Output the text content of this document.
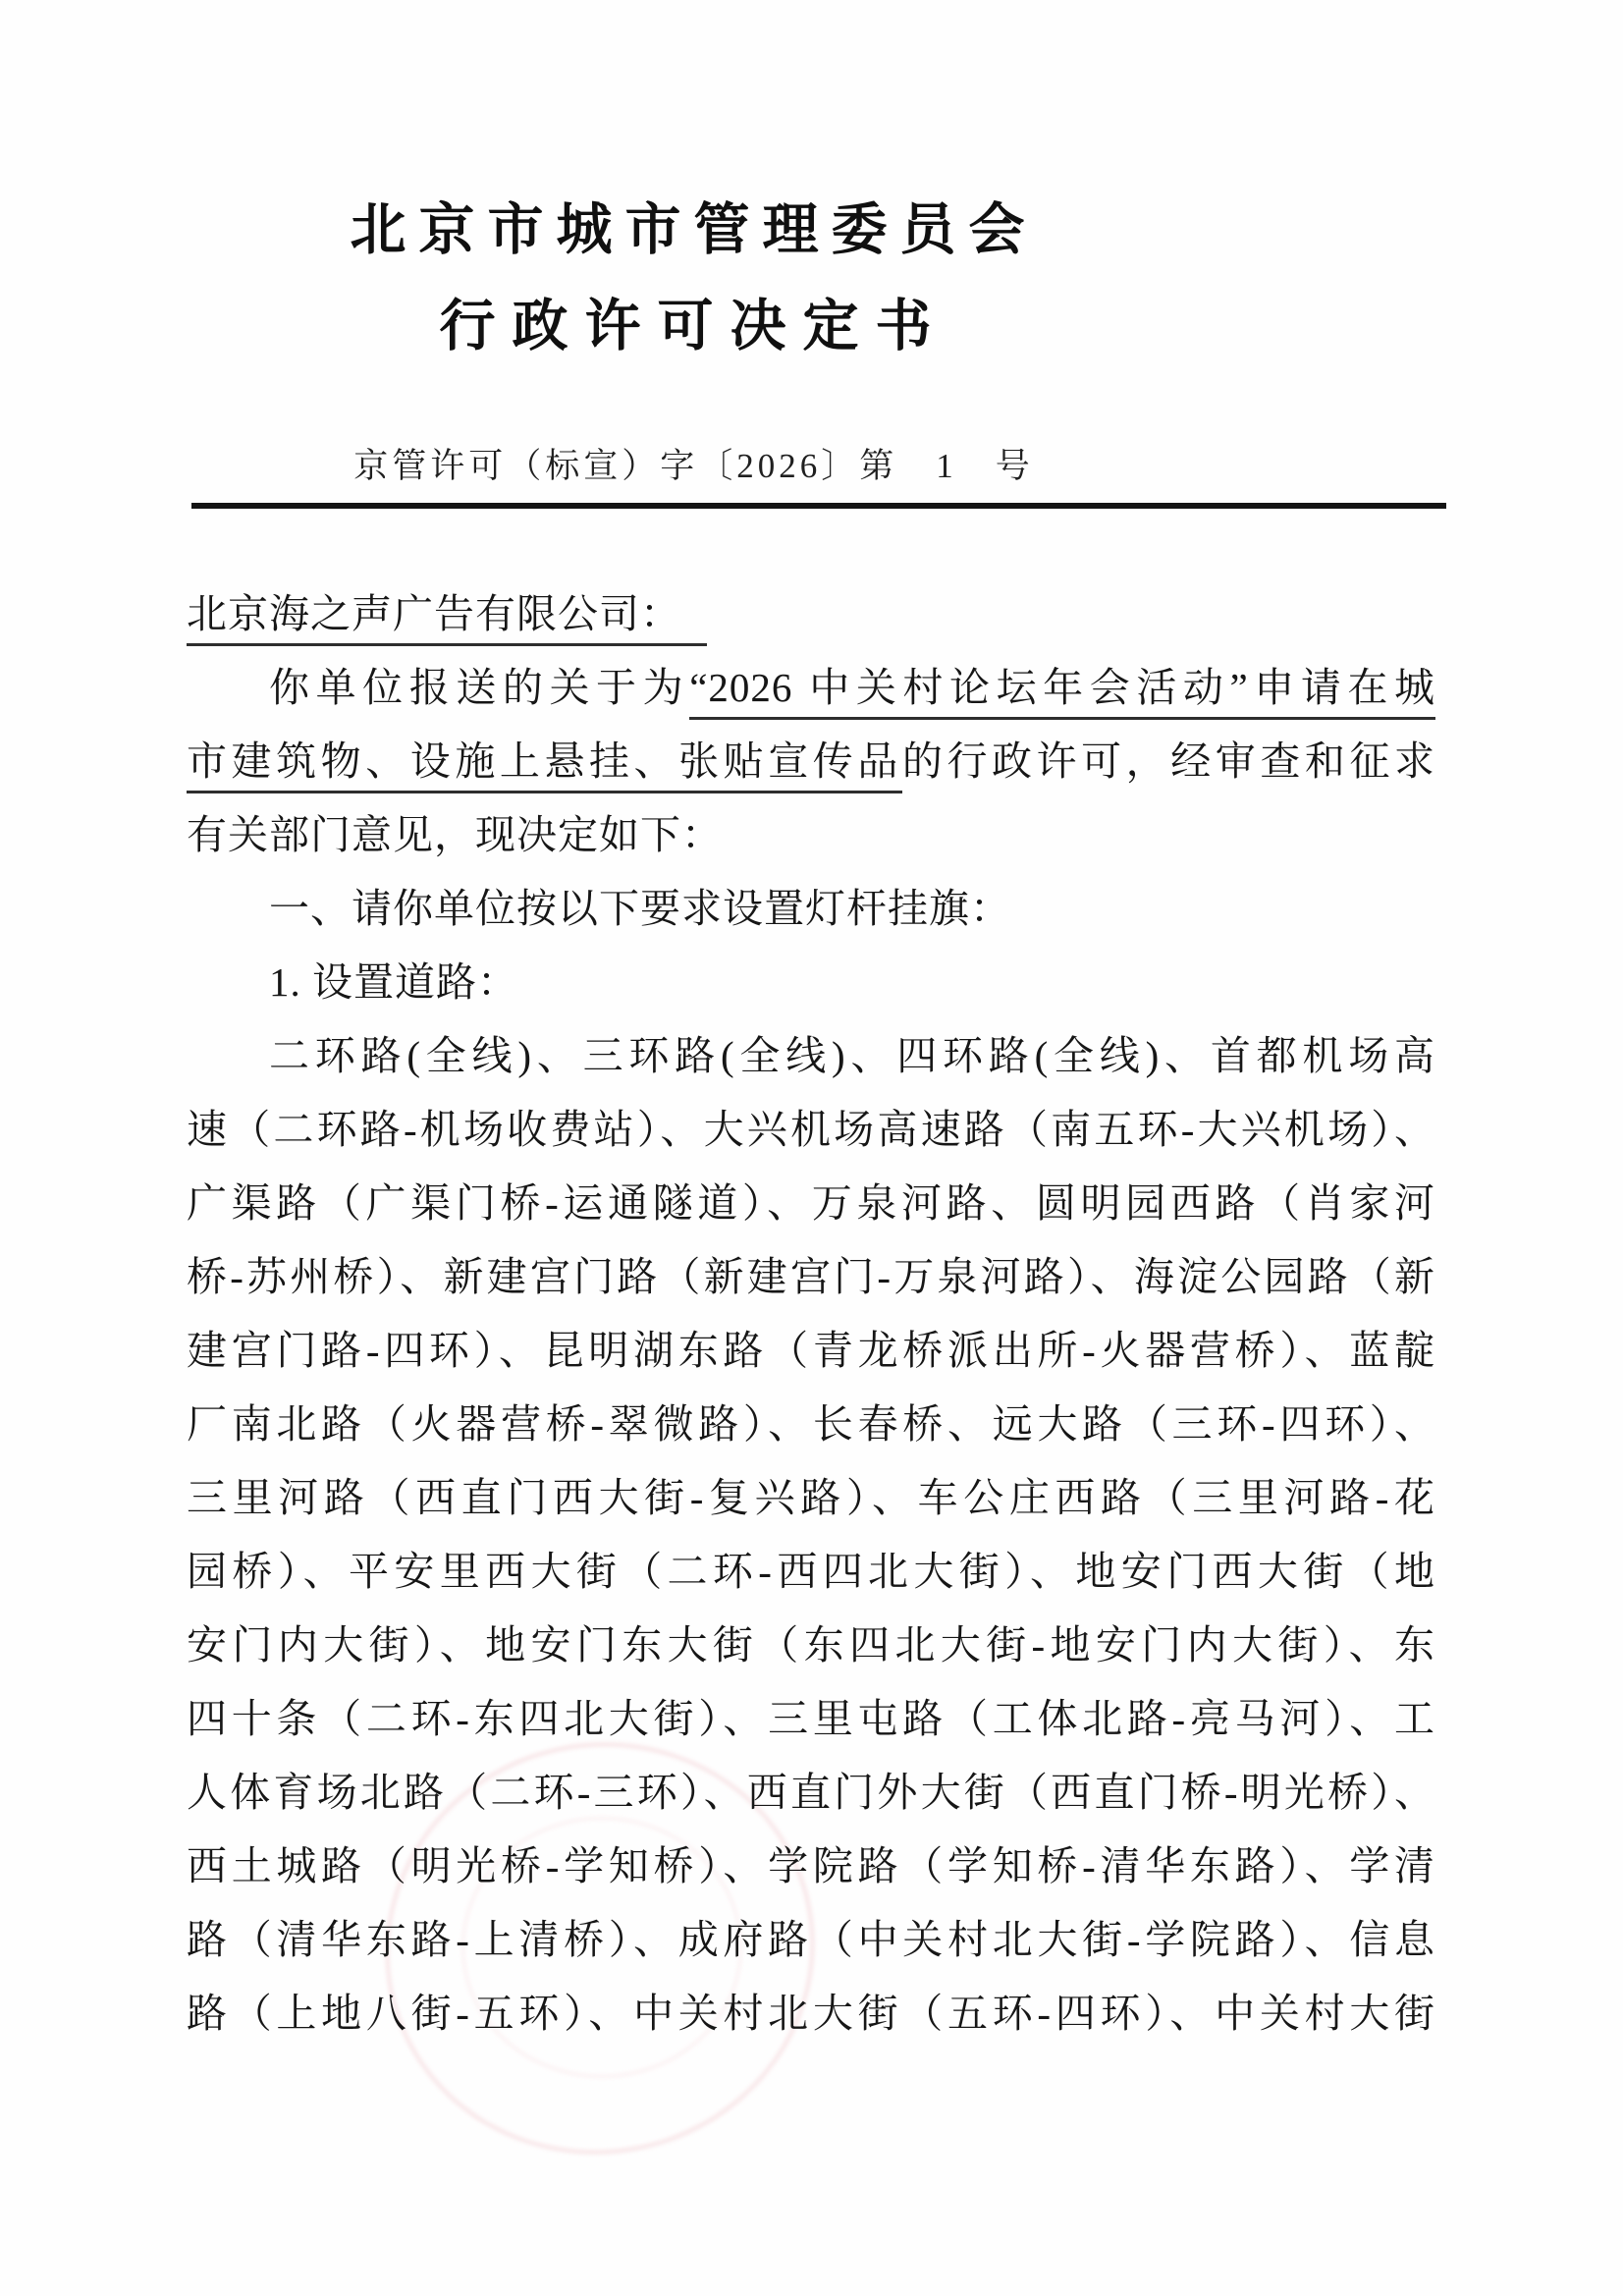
北京市城市管理委员会
行政许可决定书
京管许可（标宣）字〔2026〕第　1　号
北京海之声广告有限公司：
你单位报送的关于为“2026 中关村论坛年会活动”申请在城
市建筑物、设施上悬挂、张贴宣传品的行政许可，经审查和征求
有关部门意见，现决定如下：
一、请你单位按以下要求设置灯杆挂旗：
1. 设置道路：
二环路(全线)、三环路(全线)、四环路(全线)、首都机场高
速（二环路-机场收费站）、大兴机场高速路（南五环-大兴机场）、
广渠路（广渠门桥-运通隧道）、万泉河路、圆明园西路（肖家河
桥-苏州桥）、新建宫门路（新建宫门-万泉河路）、海淀公园路（新
建宫门路-四环）、昆明湖东路（青龙桥派出所-火器营桥）、蓝靛
厂南北路（火器营桥-翠微路）、长春桥、远大路（三环-四环）、
三里河路（西直门西大街-复兴路）、车公庄西路（三里河路-花
园桥）、平安里西大街（二环-西四北大街）、地安门西大街（地
安门内大街）、地安门东大街（东四北大街-地安门内大街）、东
四十条（二环-东四北大街）、三里屯路（工体北路-亮马河）、工
人体育场北路（二环-三环）、西直门外大街（西直门桥-明光桥）、
西土城路（明光桥-学知桥）、学院路（学知桥-清华东路）、学清
路（清华东路-上清桥）、成府路（中关村北大街-学院路）、信息
路（上地八街-五环）、中关村北大街（五环-四环）、中关村大街
